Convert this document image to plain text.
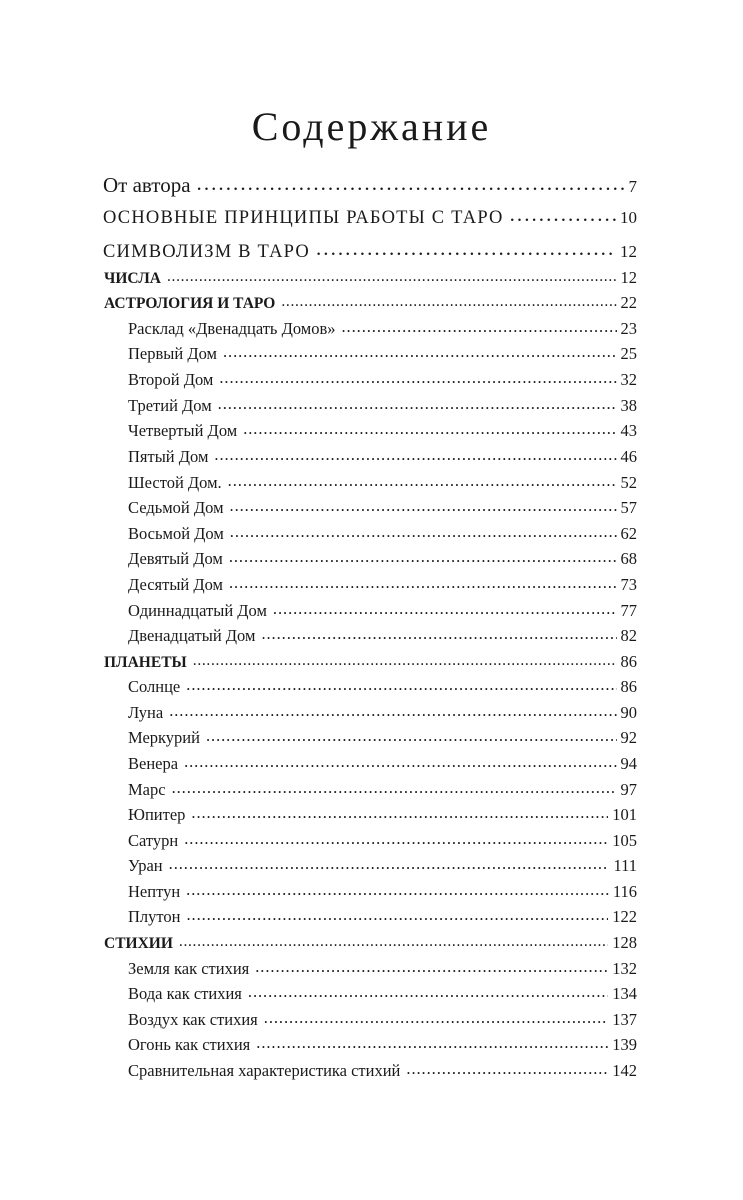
Содержание
От автора . . .	7
ОСНОВНЫЕ ПРИНЦИПЫ РАБОТЫ С ТАРО . . .	10
СИМВОЛИЗМ В ТАРО . . .	12
ЧИСЛА . . .	12
АСТРОЛОГИЯ И ТАРО . . .	22
Расклад «Двенадцать Домов» . . .	23
Первый Дом . . .	25
Второй Дом . . .	32
Третий Дом . . .	38
Четвертый Дом . . .	43
Пятый Дом . . .	46
Шестой Дом. . . .	52
Седьмой Дом . . .	57
Восьмой Дом . . .	62
Девятый Дом . . .	68
Десятый Дом . . .	73
Одиннадцатый Дом . . .	77
Двенадцатый Дом . . .	82
ПЛАНЕТЫ . . .	86
Солнце . . .	86
Луна . . .	90
Меркурий . . .	92
Венера . . .	94
Марс . . .	97
Юпитер . . .	101
Сатурн . . .	105
Уран . . .	111
Нептун . . .	116
Плутон . . .	122
СТИХИИ . . .	128
Земля как стихия . . .	132
Вода как стихия . . .	134
Воздух как стихия . . .	137
Огонь как стихия . . .	139
Сравнительная характеристика стихий . . .	142
